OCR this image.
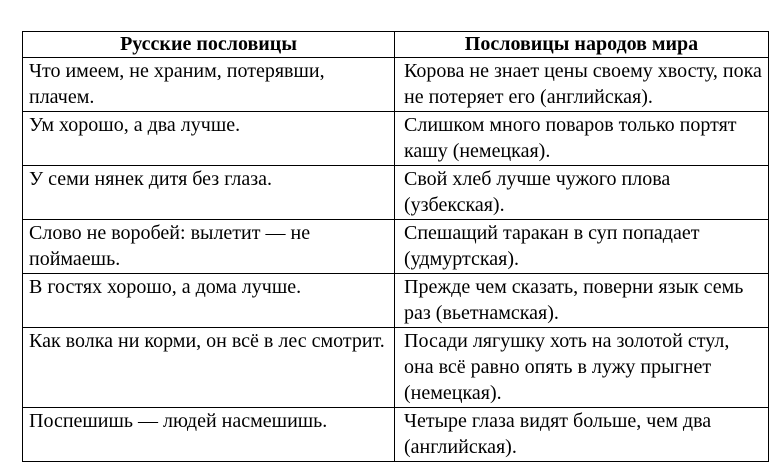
Русские пословицы	Пословицы народов мира
Что имеем, не храним, потерявши, плачем.	Корова не знает цены своему хвосту, пока не потеряет его (английская).
Ум хорошо, а два лучше.	Слишком много поваров только портят кашу (немецкая).
У семи нянек дитя без глаза.	Свой хлеб лучше чужого плова (узбекская).
Слово не воробей: вылетит — не поймаешь.	Спешащий таракан в суп попадает (удмуртская).
В гостях хорошо, а дома лучше.	Прежде чем сказать, поверни язык семь раз (вьетнамская).
Как волка ни корми, он всё в лес смотрит.	Посади лягушку хоть на золотой стул, она всё равно опять в лужу прыгнет (немецкая).
Поспешишь — людей насмешишь.	Четыре глаза видят больше, чем два (английская).
